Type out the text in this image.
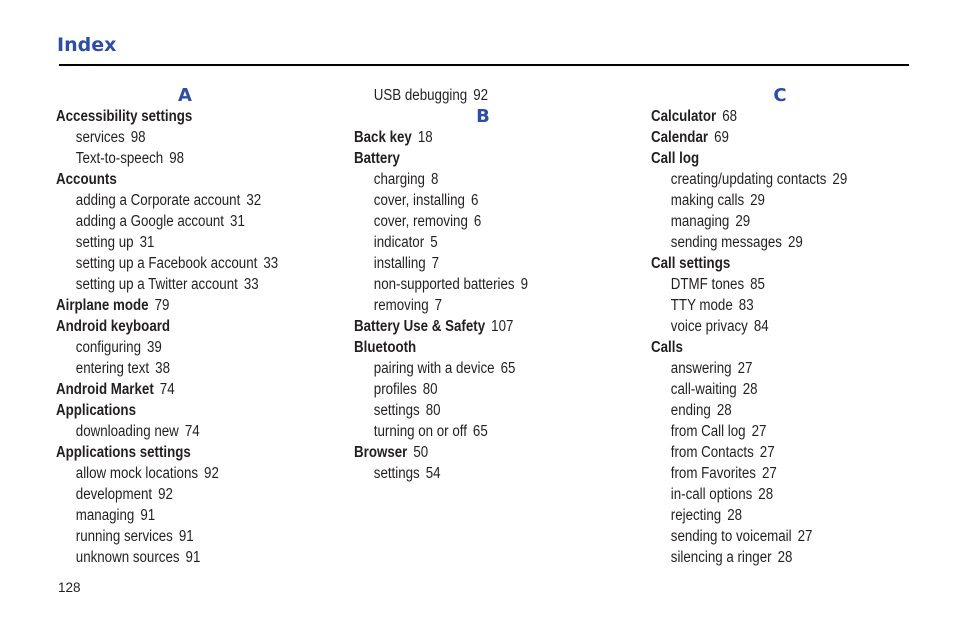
Index
A
Accessibility settings
services 98
Text-to-speech 98
Accounts
adding a Corporate account 32
adding a Google account 31
setting up 31
setting up a Facebook account 33
setting up a Twitter account 33
Airplane mode 79
Android keyboard
configuring 39
entering text 38
Android Market 74
Applications
downloading new 74
Applications settings
allow mock locations 92
development 92
managing 91
running services 91
unknown sources 91
USB debugging 92
B
Back key 18
Battery
charging 8
cover, installing 6
cover, removing 6
indicator 5
installing 7
non-supported batteries 9
removing 7
Battery Use & Safety 107
Bluetooth
pairing with a device 65
profiles 80
settings 80
turning on or off 65
Browser 50
settings 54
C
Calculator 68
Calendar 69
Call log
creating/updating contacts 29
making calls 29
managing 29
sending messages 29
Call settings
DTMF tones 85
TTY mode 83
voice privacy 84
Calls
answering 27
call-waiting 28
ending 28
from Call log 27
from Contacts 27
from Favorites 27
in-call options 28
rejecting 28
sending to voicemail 27
silencing a ringer 28
128
